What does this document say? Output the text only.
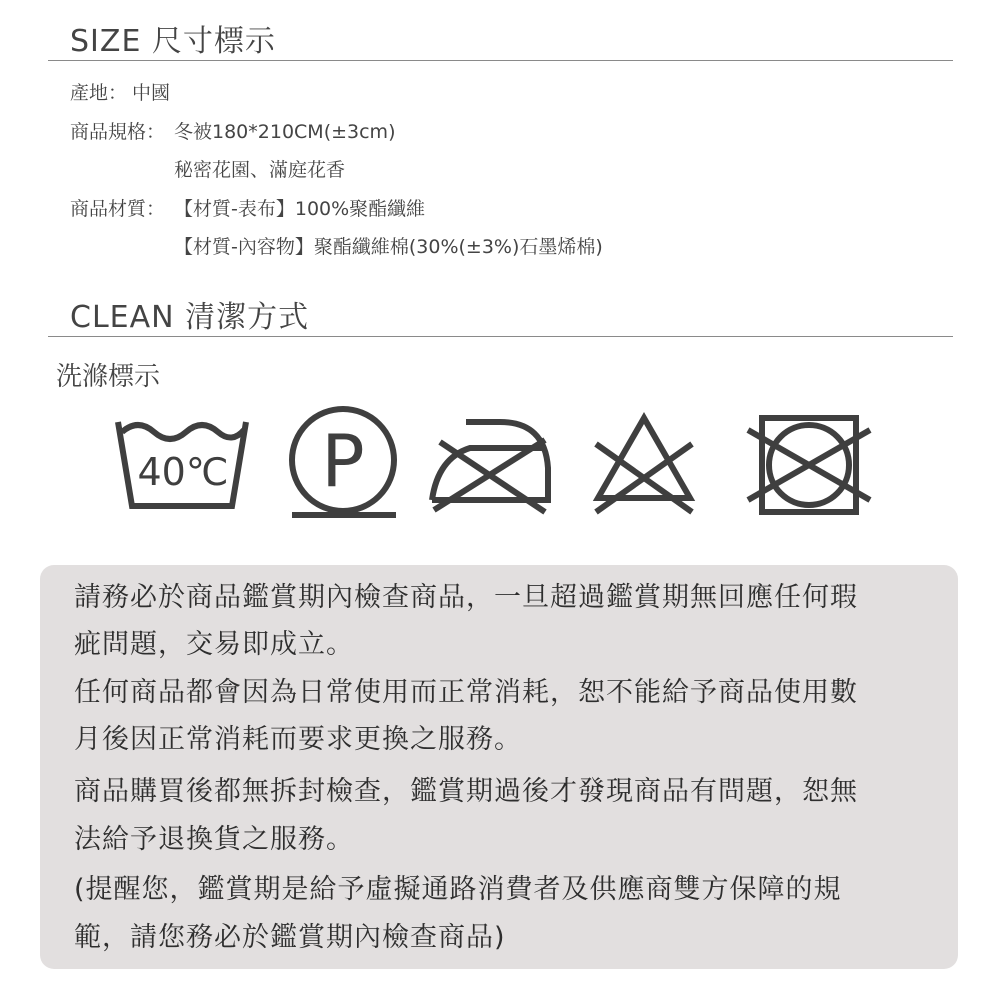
SIZE 尺寸標示
產地： 中國
商品規格： 冬被180*210CM(±3cm)
秘密花園、滿庭花香
商品材質： 【材質-表布】100%聚酯纖維
【材質-內容物】聚酯纖維棉(30%(±3%)石墨烯棉)
CLEAN 清潔方式
洗滌標示
40℃ P
請務必於商品鑑賞期內檢查商品，一旦超過鑑賞期無回應任何瑕
疵問題，交易即成立。
任何商品都會因為日常使用而正常消耗，恕不能給予商品使用數
月後因正常消耗而要求更換之服務。
商品購買後都無拆封檢查，鑑賞期過後才發現商品有問題，恕無
法給予退換貨之服務。
(提醒您，鑑賞期是給予虛擬通路消費者及供應商雙方保障的規
範，請您務必於鑑賞期內檢查商品)
